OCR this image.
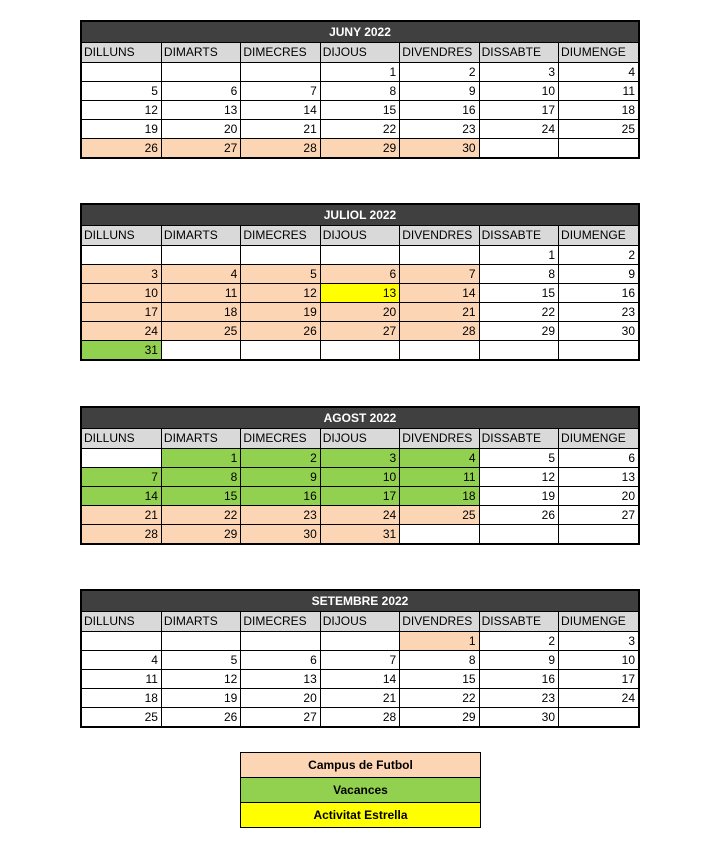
JUNY 2022
DILLUNS	DIMARTS	DIMECRES	DIJOUS	DIVENDRES	DISSABTE	DIUMENGE
			1	2	3	4
5	6	7	8	9	10	11
12	13	14	15	16	17	18
19	20	21	22	23	24	25
26	27	28	29	30		
JULIOL 2022
DILLUNS	DIMARTS	DIMECRES	DIJOUS	DIVENDRES	DISSABTE	DIUMENGE
					1	2
3	4	5	6	7	8	9
10	11	12	13	14	15	16
17	18	19	20	21	22	23
24	25	26	27	28	29	30
31						
AGOST 2022
DILLUNS	DIMARTS	DIMECRES	DIJOUS	DIVENDRES	DISSABTE	DIUMENGE
	1	2	3	4	5	6
7	8	9	10	11	12	13
14	15	16	17	18	19	20
21	22	23	24	25	26	27
28	29	30	31			
SETEMBRE 2022
DILLUNS	DIMARTS	DIMECRES	DIJOUS	DIVENDRES	DISSABTE	DIUMENGE
				1	2	3
4	5	6	7	8	9	10
11	12	13	14	15	16	17
18	19	20	21	22	23	24
25	26	27	28	29	30	
Campus de Futbol
Vacances
Activitat Estrella
